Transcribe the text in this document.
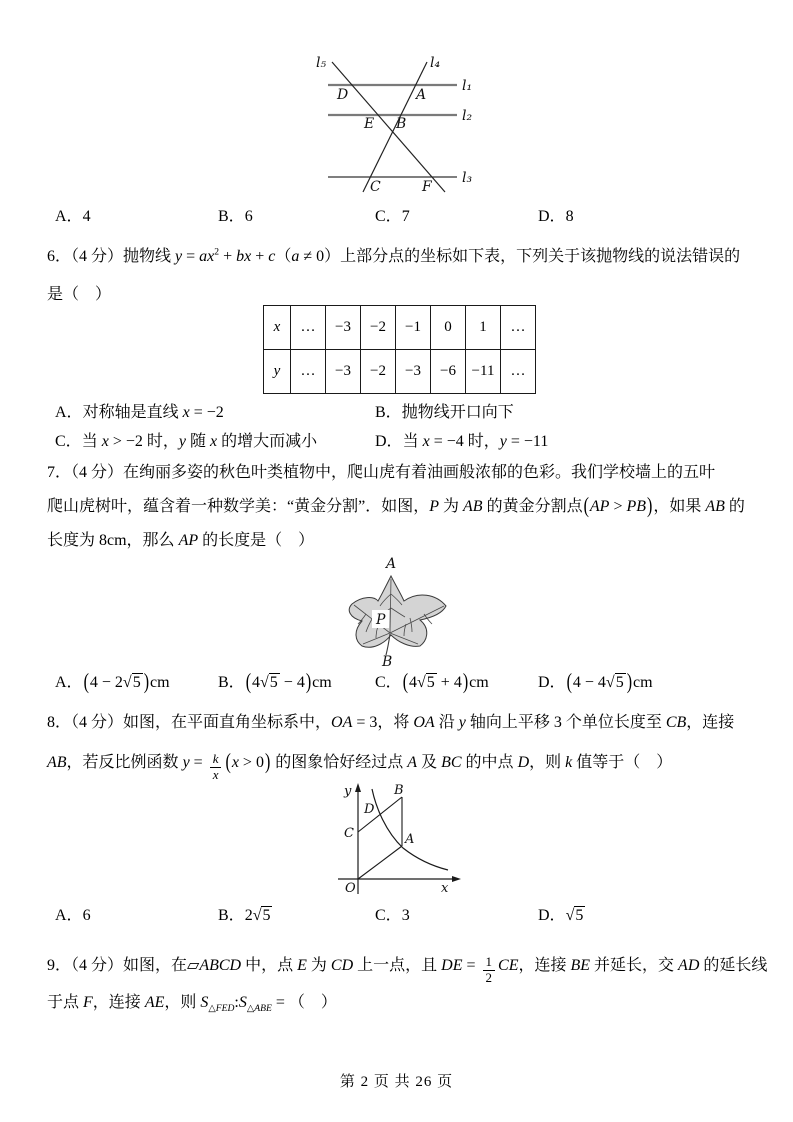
l₅	l₄
l₁
l₂
l₃
D	A
E B
C	F
A．4	B．6	C．7	D．8
6．（4 分）抛物线 $y = ax^2$ + bx + c（a ≠ 0）上部分点的坐标如下表，下列关于该抛物线的说法错误的
是（　）
x	…	−3	−2	−1	0	1	…
y	…	−3	−2	−3	−6	−11	…
A．对称轴是直线 x = −2	B．抛物线开口向下
C．当 x > −2 时，y 随 x 的增大而减小	D．当 x = −4 时，y = −11
7．（4 分）在绚丽多姿的秋色叶类植物中，爬山虎有着油画般浓郁的色彩。我们学校墙上的五叶
爬山虎树叶，蕴含着一种数学美：“黄金分割”．如图，P 为 AB 的黄金分割点(AP > PB)，如果 AB 的
长度为 8cm，那么 AP 的长度是（　）
A
P
B
A．(4 − 2√5 )cm	B．(4√5 − 4)cm	C．(4√5 + 4)cm	D．(4 − 4√5 )cm
8．（4 分）如图，在平面直角坐标系中，OA = 3，将 OA 沿 y 轴向上平移 3 个单位长度至 CB，连接
AB，若反比例函数 $y = \frac{k}{x} (x > 0)$ 的图象恰好经过点 A 及 BC 的中点 D，则 k 值等于（　）
y
x
O
B
D
C	A
A．6	B．2√5	C．3	D．√5
9．（4 分）如图，在▱ABCD 中，点 E 为 CD 上一点，且 DE = $\frac{1}{2}$ CE，连接 BE 并延长，交 AD 的延长线
于点 F，连接 AE，则 $S_{\triangle FED}:S_{\triangle ABE}$ = （　）
第 2 页 共 26 页
